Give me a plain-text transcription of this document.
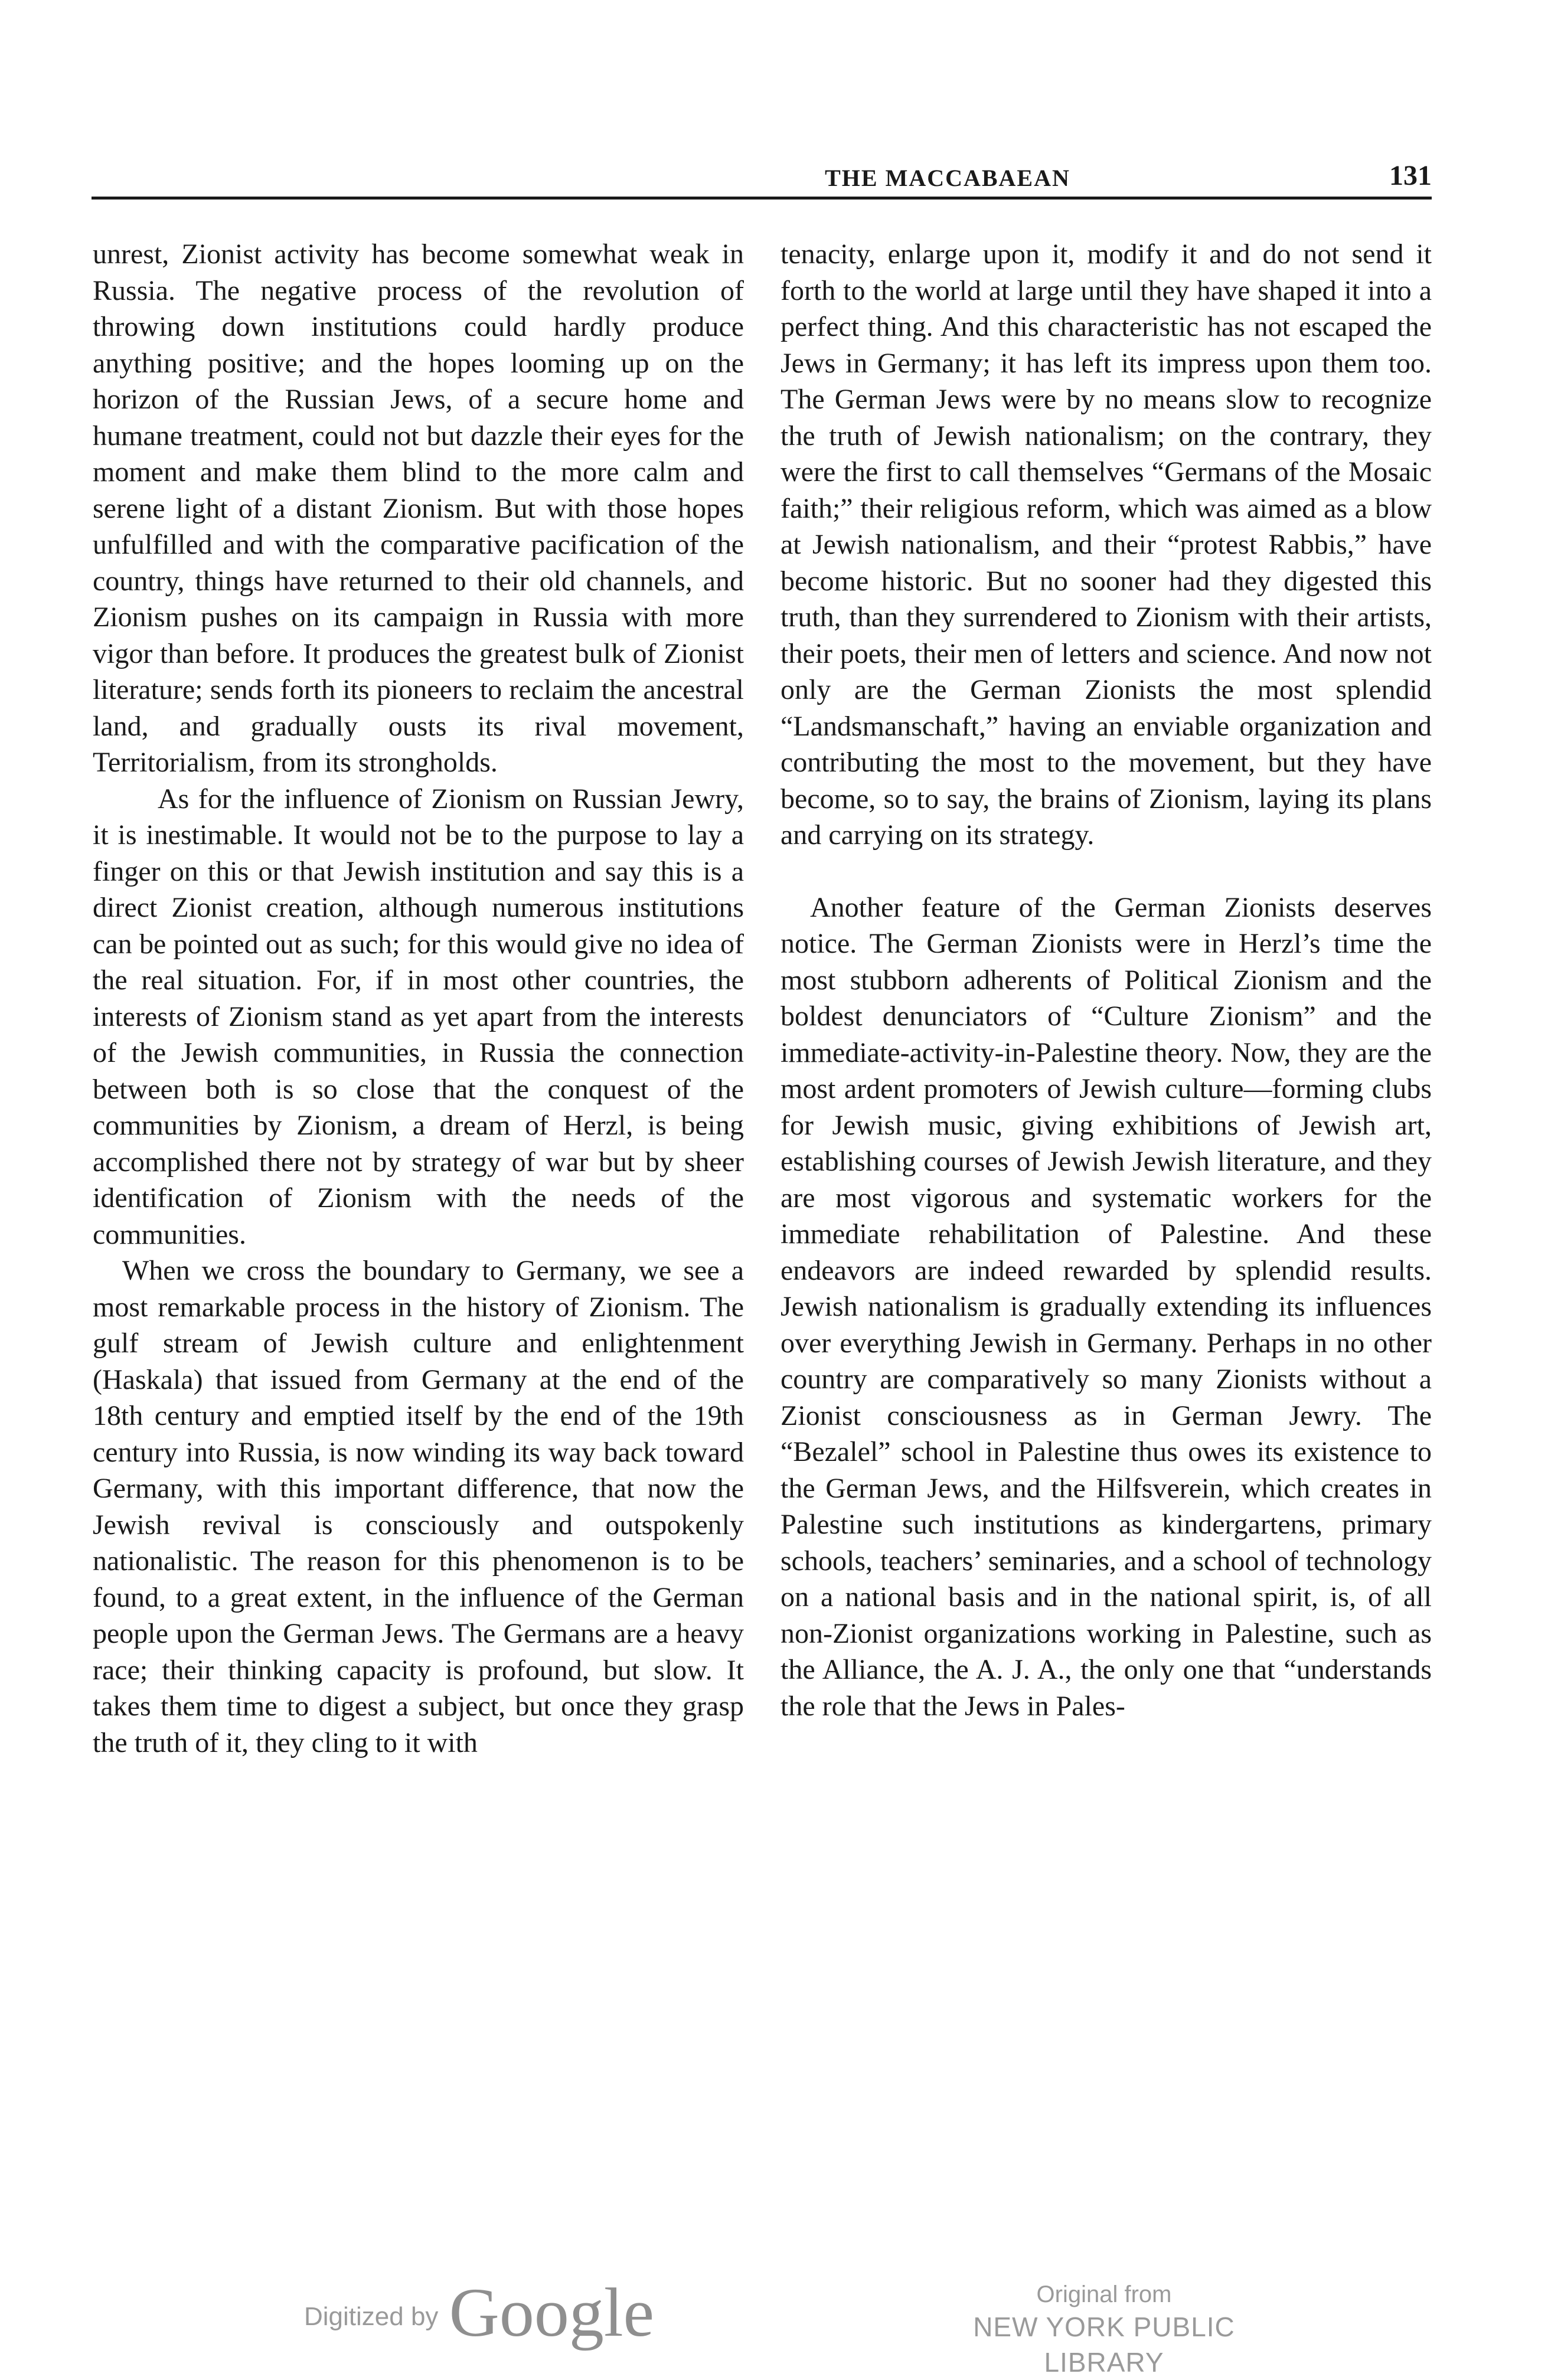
THE MACCABAEAN	131

unrest, Zionist activity has become somewhat weak in Russia. The negative process of the revolution of throwing down institutions could hardly produce anything positive; and the hopes looming up on the horizon of the Russian Jews, of a secure home and humane treatment, could not but dazzle their eyes for the moment and make them blind to the more calm and serene light of a distant Zionism. But with those hopes unfulfilled and with the comparative pacification of the country, things have returned to their old channels, and Zionism pushes on its campaign in Russia with more vigor than before. It produces the greatest bulk of Zionist literature; sends forth its pioneers to reclaim the ancestral land, and gradually ousts its rival movement, Territorialism, from its strongholds.

As for the influence of Zionism on Russian Jewry, it is inestimable. It would not be to the purpose to lay a finger on this or that Jewish institution and say this is a direct Zionist creation, although numerous institutions can be pointed out as such; for this would give no idea of the real situation. For, if in most other countries, the interests of Zionism stand as yet apart from the interests of the Jewish communities, in Russia the connection between both is so close that the conquest of the communities by Zionism, a dream of Herzl, is being accomplished there not by strategy of war but by sheer identification of Zionism with the needs of the communities.

When we cross the boundary to Germany, we see a most remarkable process in the history of Zionism. The gulf stream of Jewish culture and enlightenment (Haskala) that issued from Germany at the end of the 18th century and emptied itself by the end of the 19th century into Russia, is now winding its way back toward Germany, with this important difference, that now the Jewish revival is consciously and outspokenly nationalistic. The reason for this phenomenon is to be found, to a great extent, in the influence of the German people upon the German Jews. The Germans are a heavy race; their thinking capacity is profound, but slow. It takes them time to digest a subject, but once they grasp the truth of it, they cling to it with

tenacity, enlarge upon it, modify it and do not send it forth to the world at large until they have shaped it into a perfect thing. And this characteristic has not escaped the Jews in Germany; it has left its impress upon them too. The German Jews were by no means slow to recognize the truth of Jewish nationalism; on the contrary, they were the first to call themselves “Germans of the Mosaic faith;” their religious reform, which was aimed as a blow at Jewish nationalism, and their “protest Rabbis,” have become historic. But no sooner had they digested this truth, than they surrendered to Zionism with their artists, their poets, their men of letters and science. And now not only are the German Zionists the most splendid “Landsmanschaft,” having an enviable organization and contributing the most to the movement, but they have become, so to say, the brains of Zionism, laying its plans and carrying on its strategy.

Another feature of the German Zionists deserves notice. The German Zionists were in Herzl’s time the most stubborn adherents of Political Zionism and the boldest denunciators of “Culture Zionism” and the immediate-activity-in-Palestine theory. Now, they are the most ardent promoters of Jewish culture—forming clubs for Jewish music, giving exhibitions of Jewish art, establishing courses of Jewish Jewish literature, and they are most vigorous and systematic workers for the immediate rehabilitation of Palestine. And these endeavors are indeed rewarded by splendid results. Jewish nationalism is gradually extending its influences over everything Jewish in Germany. Perhaps in no other country are comparatively so many Zionists without a Zionist consciousness as in German Jewry. The “Bezalel” school in Palestine thus owes its existence to the German Jews, and the Hilfsverein, which creates in Palestine such institutions as kindergartens, primary schools, teachers’ seminaries, and a school of technology on a national basis and in the national spirit, is, of all non-Zionist organizations working in Palestine, such as the Alliance, the A. J. A., the only one that “understands the role that the Jews in Pales-

Digitized by Google	Original from
NEW YORK PUBLIC LIBRARY
